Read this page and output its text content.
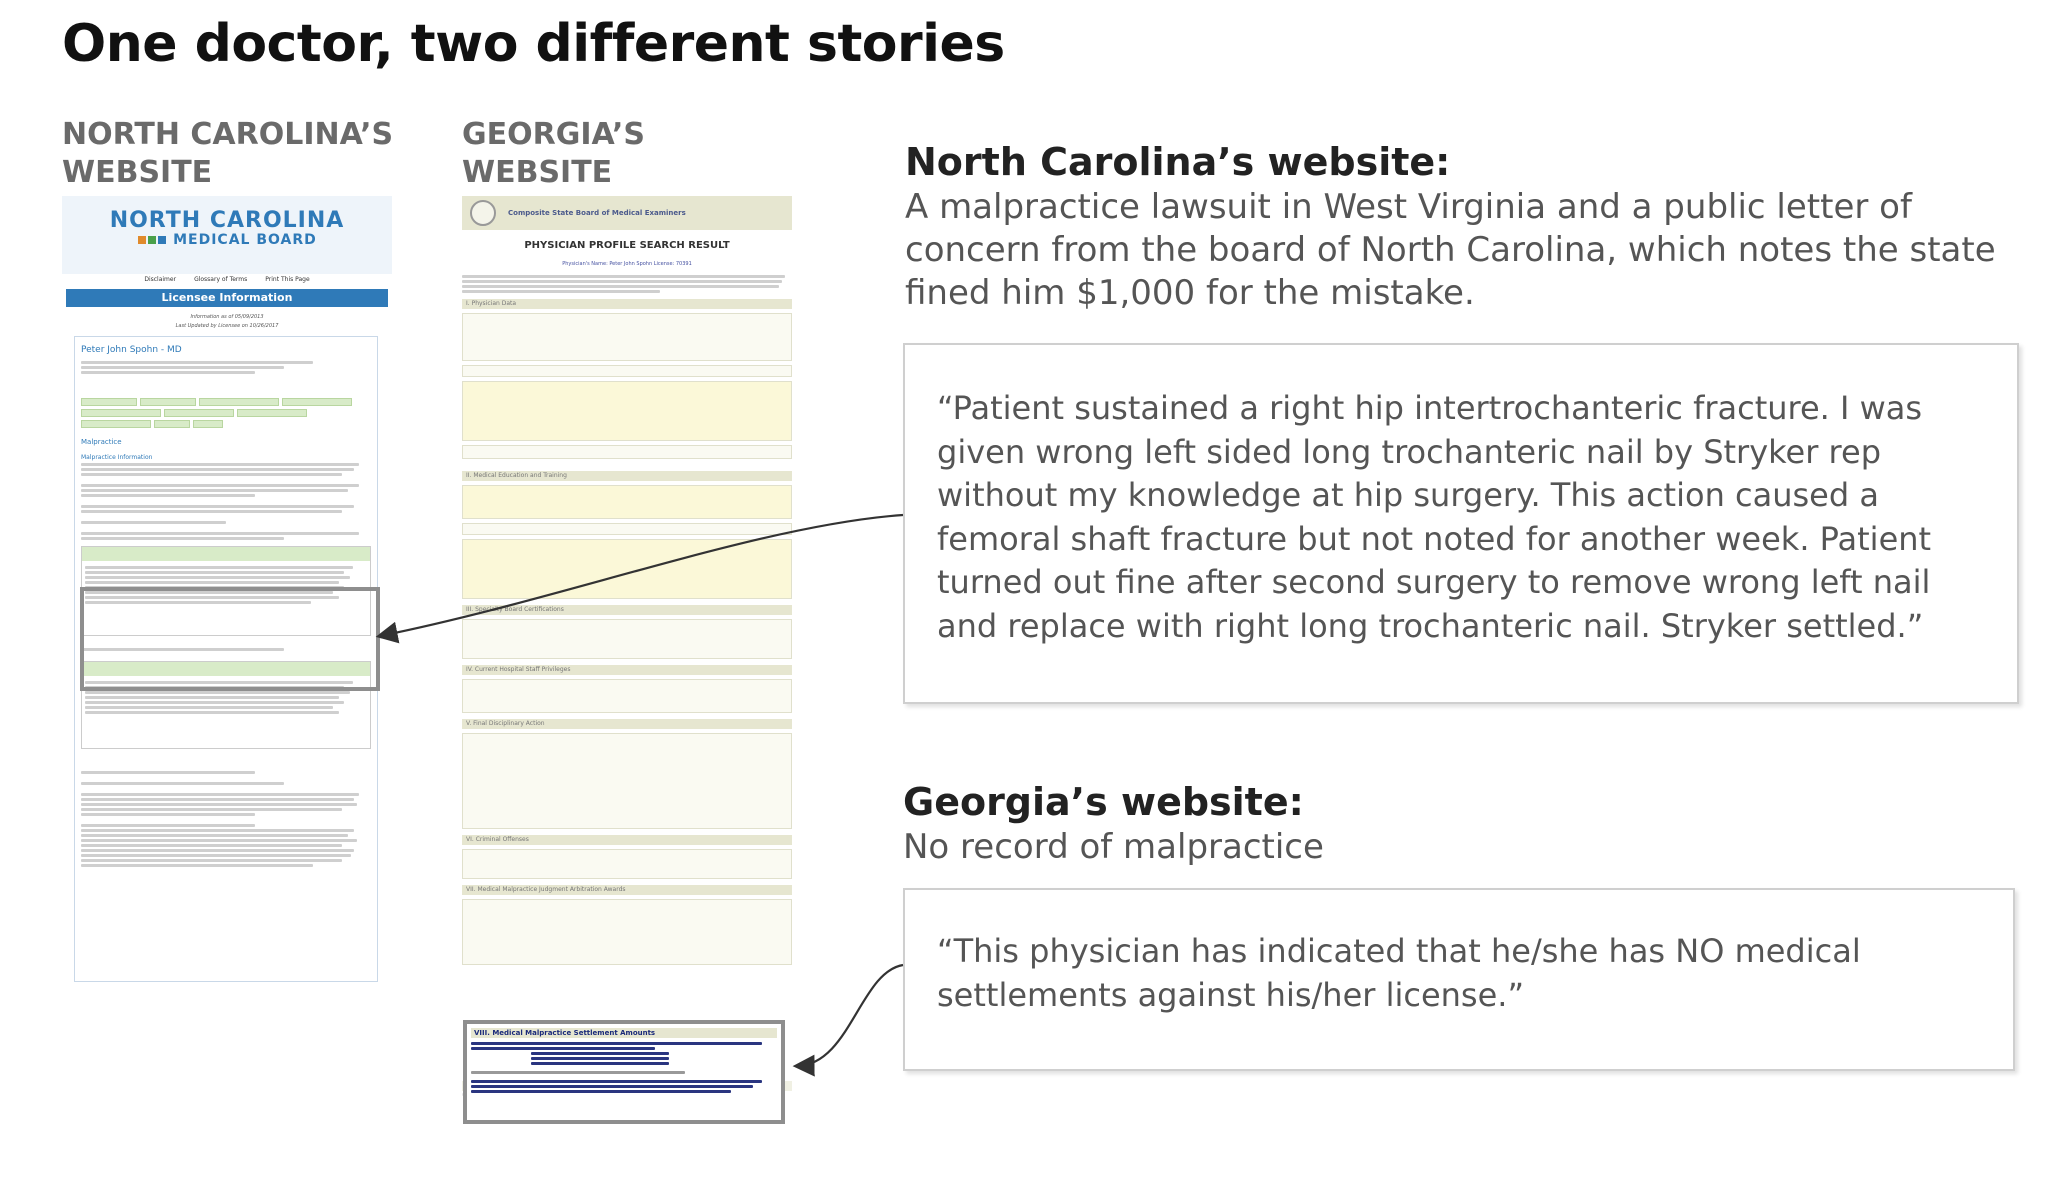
One doctor, two different stories
NORTH CAROLINA’S
WEBSITE
GEORGIA’S
WEBSITE
NORTH CAROLINA
MEDICAL BOARD
Disclaimer	Glossary of Terms	Print This Page
Licensee Information
Information as of 05/09/2013
Last Updated by Licensee on 10/26/2017
Peter John Spohn - MD
Malpractice
Malpractice Information
Composite State Board of Medical Examiners
PHYSICIAN PROFILE SEARCH RESULT
Physician's Name: Peter John Spohn License: 70391
I. Physician Data
II. Medical Education and Training
III. Specialty Board Certifications
IV. Current Hospital Staff Privileges
V. Final Disciplinary Action
VI. Criminal Offenses
VII. Medical Malpractice Judgment Arbitration Awards
VIII. Medical Malpractice Settlement Amounts
North Carolina’s website:
A malpractice lawsuit in West Virginia and a public letter of concern from the board of North Carolina, which notes the state fined him $1,000 for the mistake.
“Patient sustained a right hip intertrochanteric fracture. I was given wrong left sided long trochanteric nail by Stryker rep without my knowledge at hip surgery. This action caused a femoral shaft fracture but not noted for another week. Patient turned out fine after second surgery to remove wrong left nail and replace with right long trochanteric nail. Stryker settled.”
Georgia’s website:
No record of malpractice
“This physician has indicated that he/she has NO medical settlements against his/her license.”
